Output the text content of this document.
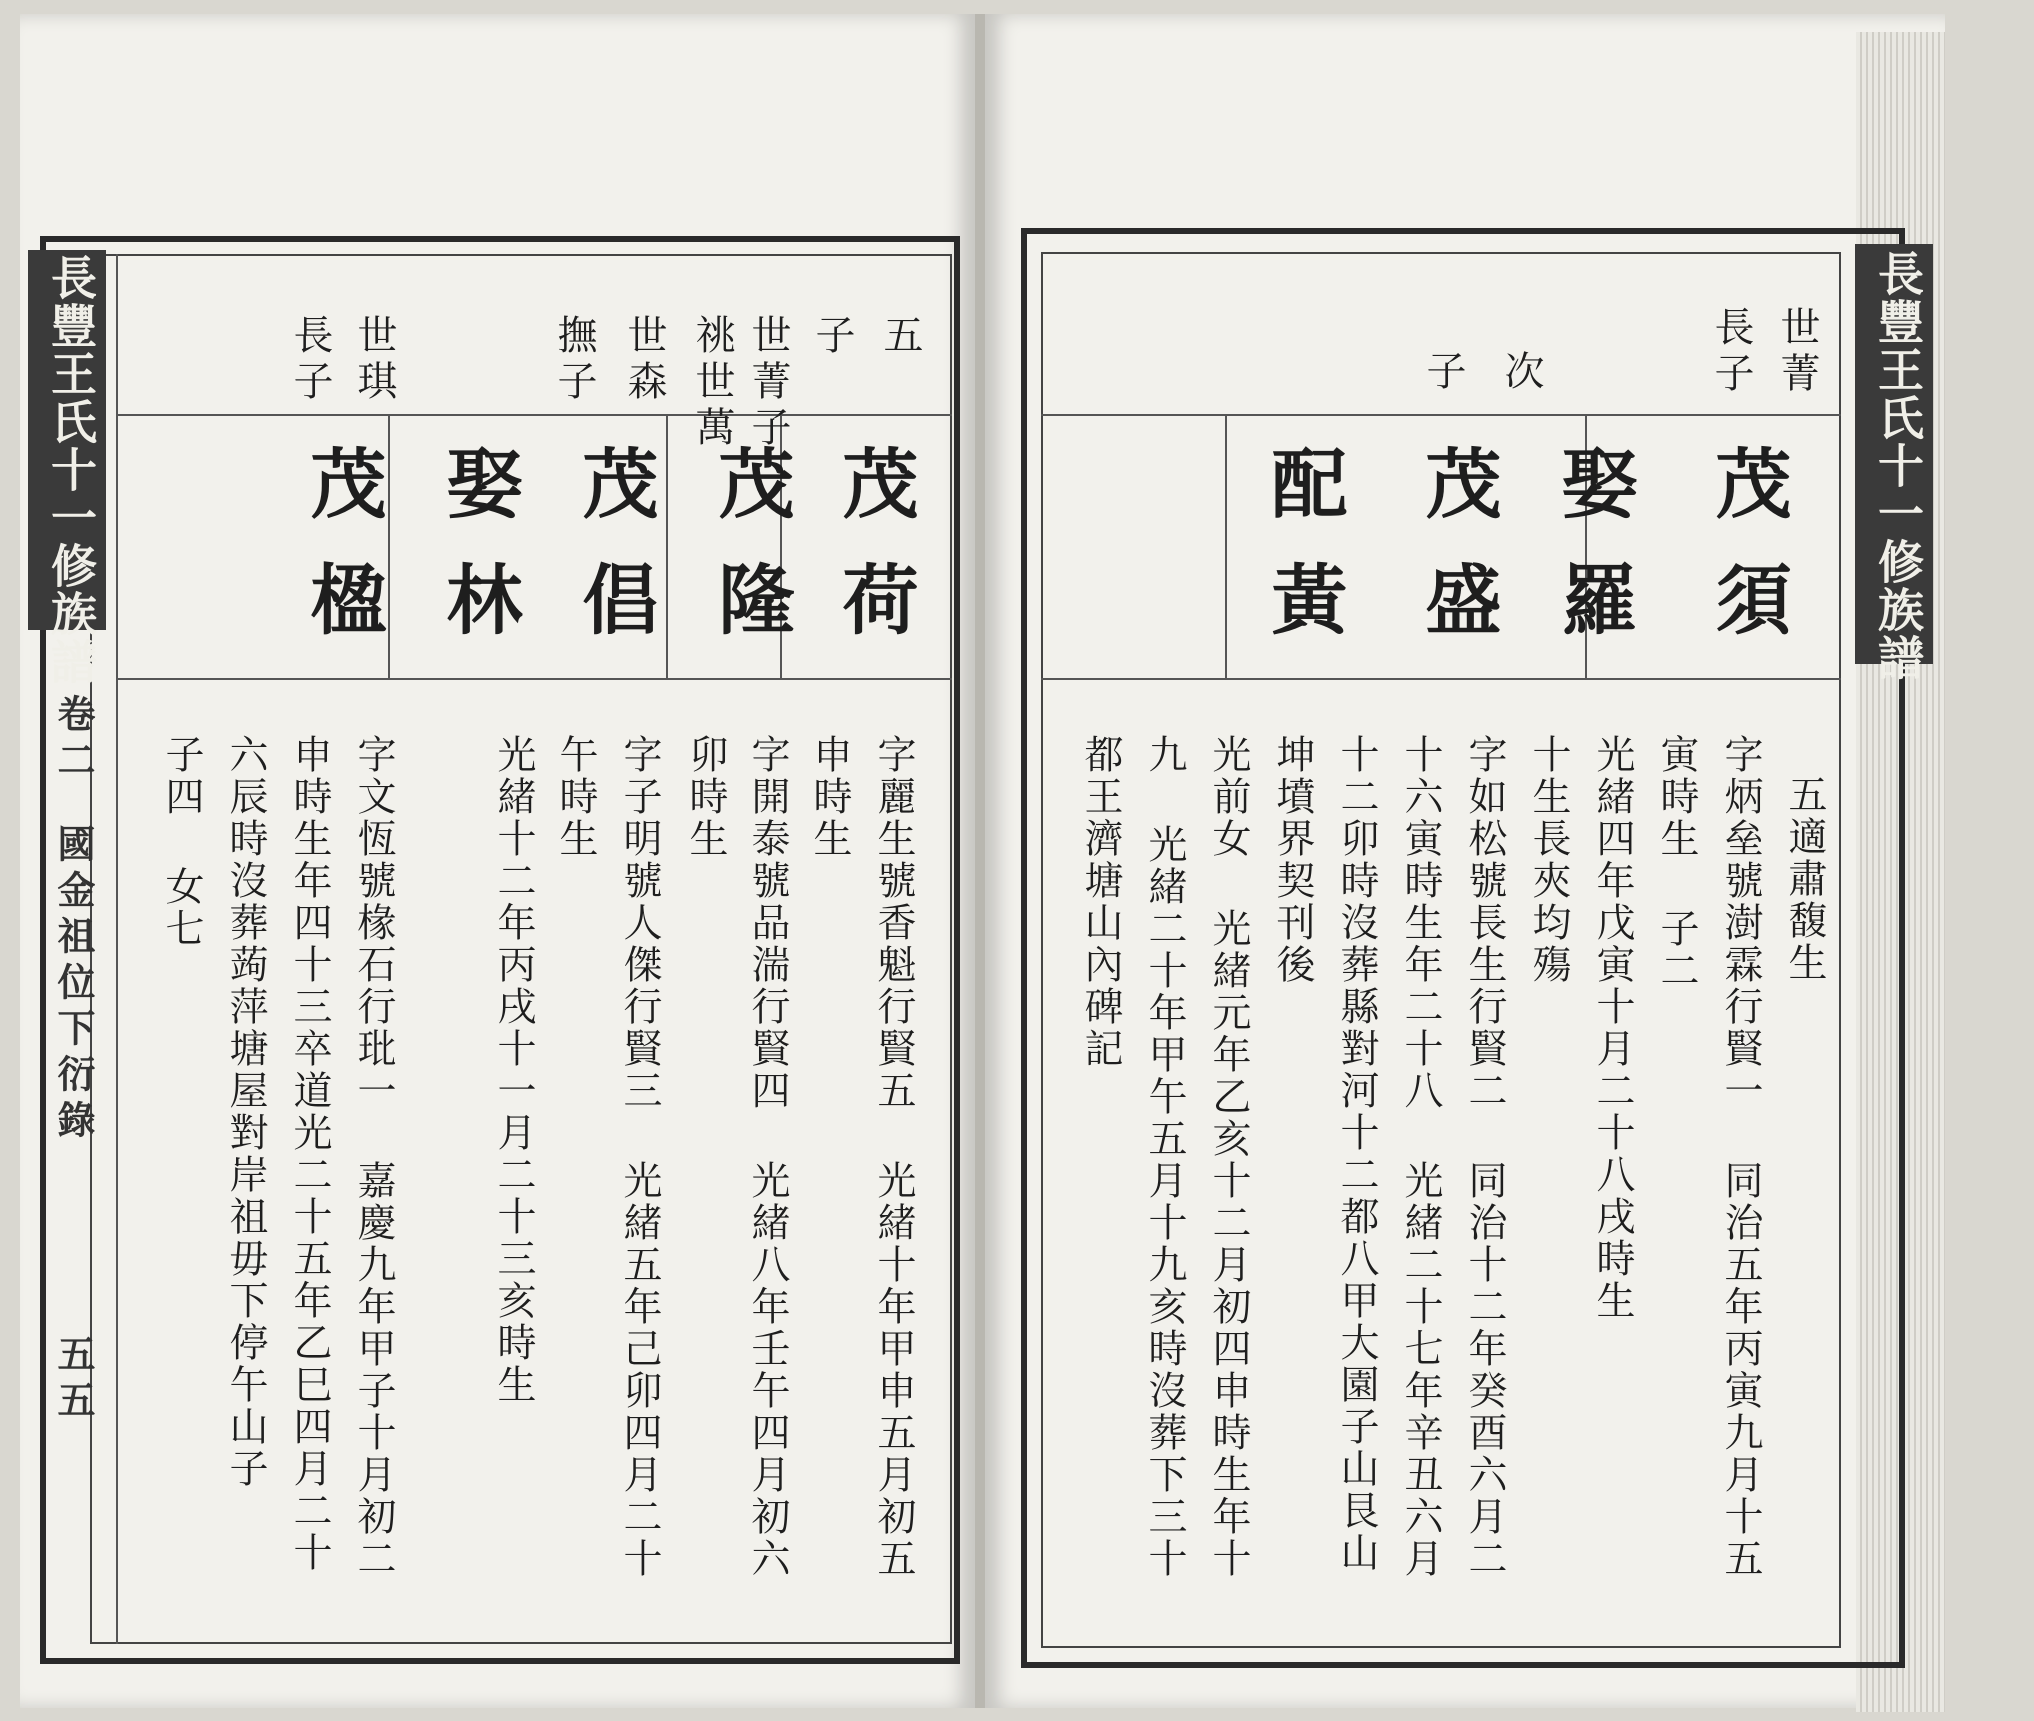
長豐王氏十一修族譜
卷二
國金祖位下衍錄
五五
五
子
茂荷
字麗生號香魁行賢五 光緒十年甲申五月初五
申時生
世菁子
祧世萬
茂隆
字開泰號品湍行賢四 光緒八年壬午四月初六
卯時生
世森
撫子
茂倡
字子明號人傑行賢三 光緒五年己卯四月二十
午時生
娶林
光緒十二年丙戌十一月二十三亥時生
世琪
長子
茂楹
字文恆號椽石行玭一 嘉慶九年甲子十月初二
申時生年四十三卒道光二十五年乙巳四月二十
六辰時沒葬蒟萍塘屋對岸祖毋下停午山子
子四 女七
長豐王氏十一修族譜
世菁
長子
茂須
五適肅馥生
字炳垒號澍霖行賢一 同治五年丙寅九月十五
寅時生 子二
光緒四年戊寅十月二十八戌時生
娶羅
十生長夾均殤
次
子
茂盛
字如松號長生行賢二 同治十二年癸酉六月二
十六寅時生年二十八 光緒二十七年辛丑六月
十二卯時沒葬縣對河十二都八甲大園子山艮山
坤墳界契刊後
配黃
光前女 光緒元年乙亥十二月初四申時生年十
九 光緒二十年甲午五月十九亥時沒葬下三十
都王濟塘山內碑記
